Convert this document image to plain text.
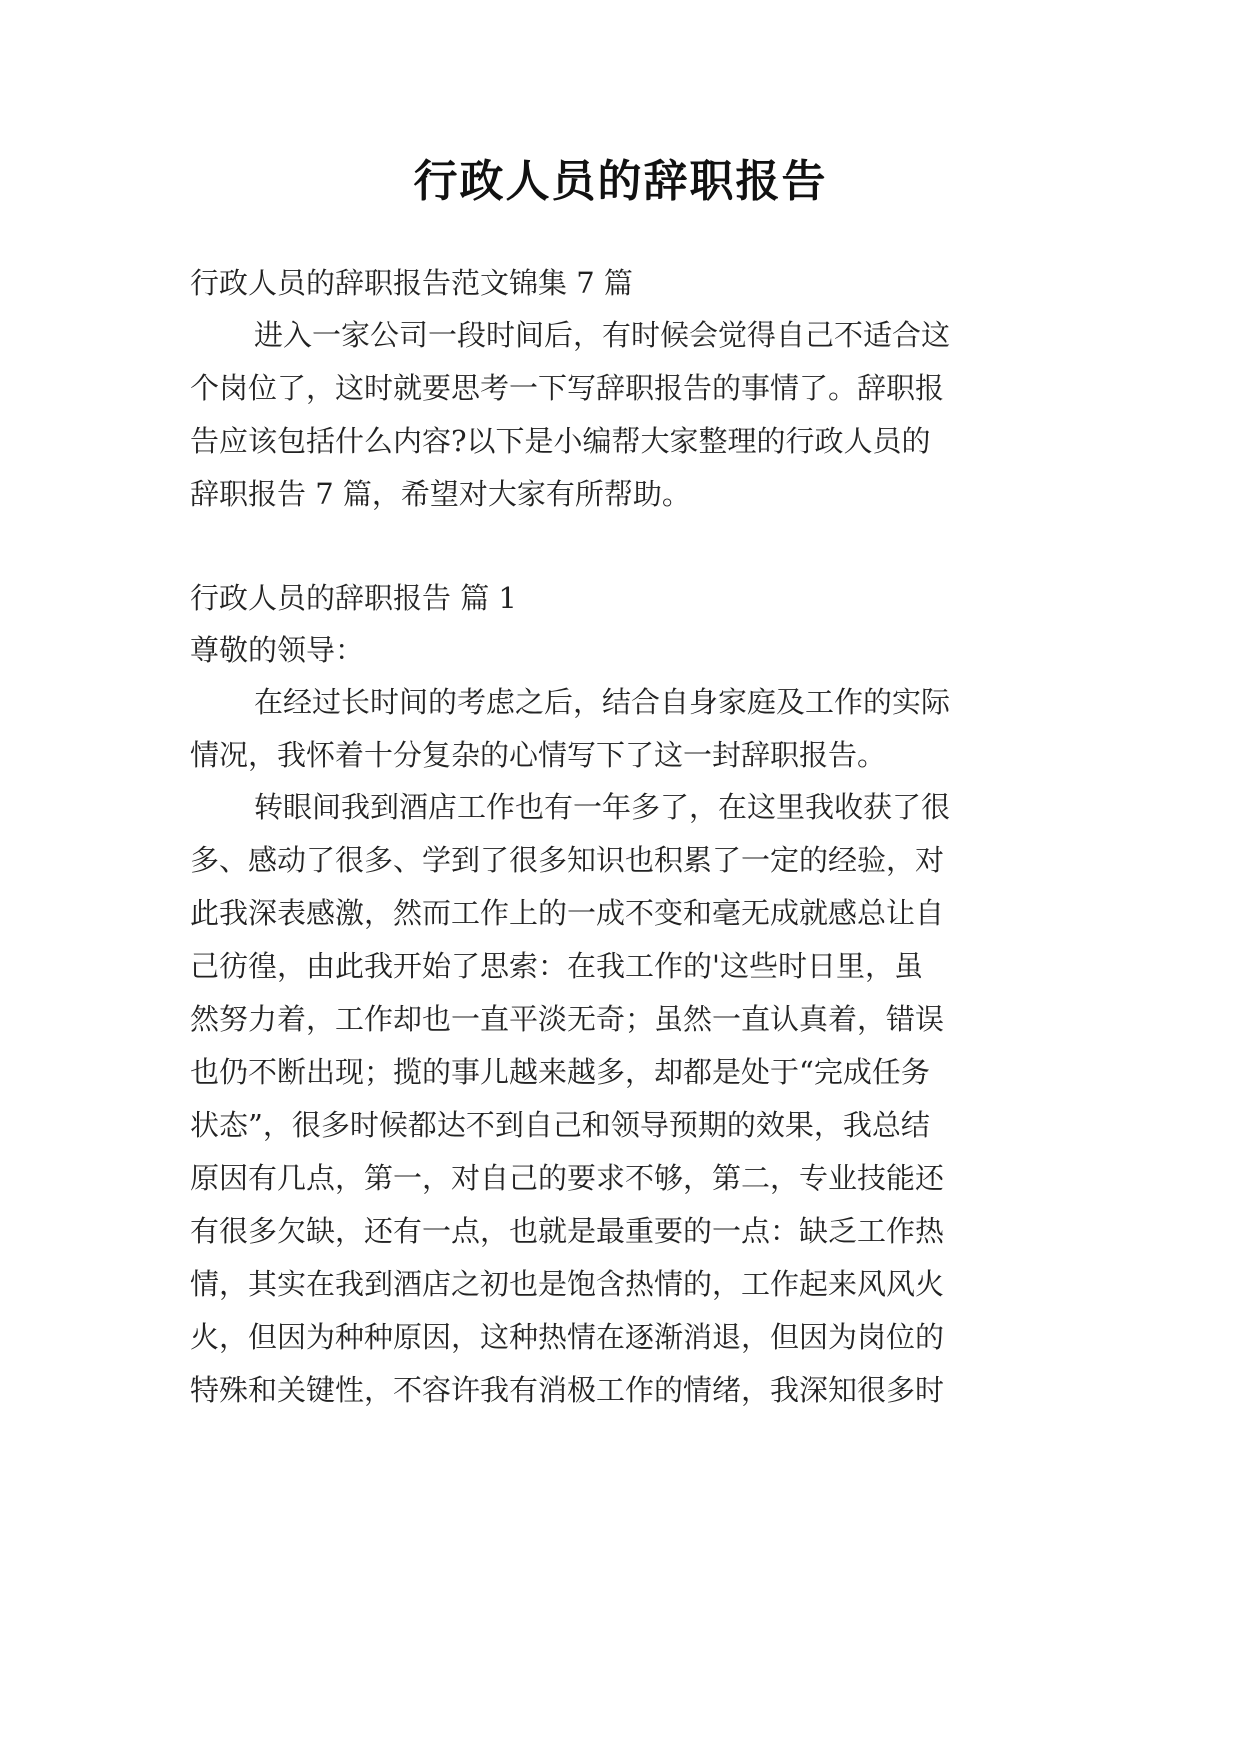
行政人员的辞职报告
行政人员的辞职报告范文锦集 7 篇
进入一家公司一段时间后，有时候会觉得自己不适合这
个岗位了，这时就要思考一下写辞职报告的事情了。辞职报
告应该包括什么内容?以下是小编帮大家整理的行政人员的
辞职报告 7 篇，希望对大家有所帮助。
行政人员的辞职报告 篇 1
尊敬的领导：
在经过长时间的考虑之后，结合自身家庭及工作的实际
情况，我怀着十分复杂的心情写下了这一封辞职报告。
转眼间我到酒店工作也有一年多了，在这里我收获了很
多、感动了很多、学到了很多知识也积累了一定的经验，对
此我深表感激，然而工作上的一成不变和毫无成就感总让自
己彷徨，由此我开始了思索：在我工作的'这些时日里，虽
然努力着，工作却也一直平淡无奇；虽然一直认真着，错误
也仍不断出现；揽的事儿越来越多，却都是处于“完成任务
状态”，很多时候都达不到自己和领导预期的效果，我总结
原因有几点，第一，对自己的要求不够，第二，专业技能还
有很多欠缺，还有一点，也就是最重要的一点：缺乏工作热
情，其实在我到酒店之初也是饱含热情的，工作起来风风火
火，但因为种种原因，这种热情在逐渐消退，但因为岗位的
特殊和关键性，不容许我有消极工作的情绪，我深知很多时
